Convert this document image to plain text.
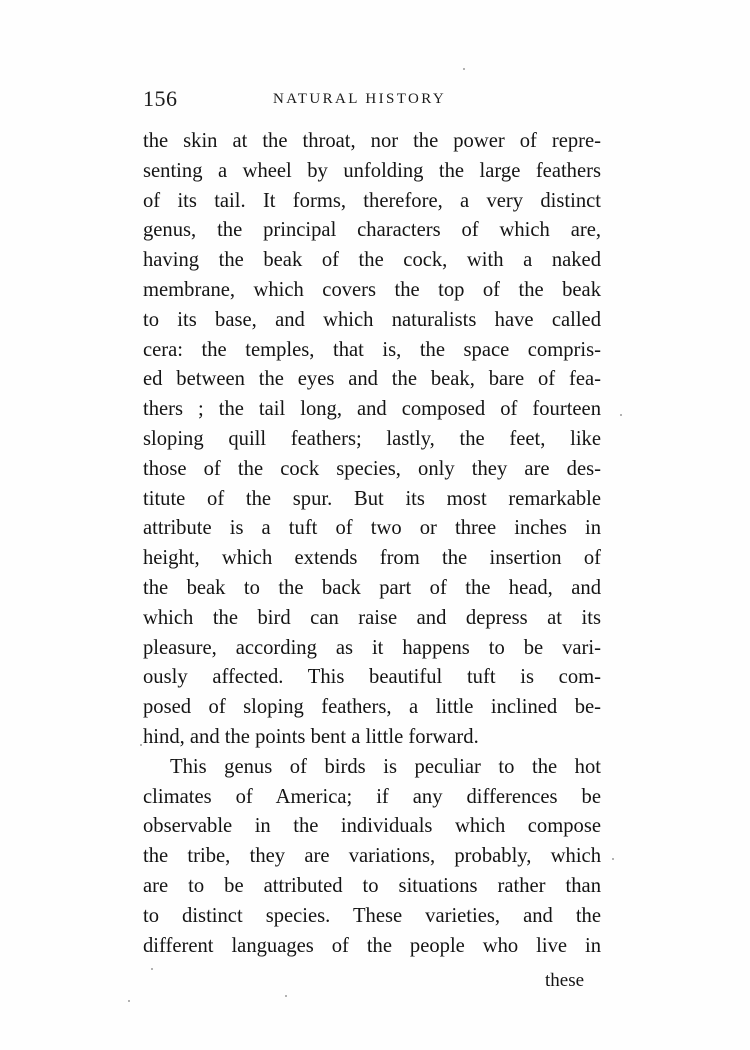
156	NATURAL HISTORY
the skin at the throat, nor the power of repre-
senting a wheel by unfolding the large feathers
of its tail. It forms, therefore, a very distinct
genus, the principal characters of which are,
having the beak of the cock, with a naked
membrane, which covers the top of the beak
to its base, and which naturalists have called
cera: the temples, that is, the space compris-
ed between the eyes and the beak, bare of fea-
thers ; the tail long, and composed of fourteen
sloping quill feathers; lastly, the feet, like
those of the cock species, only they are des-
titute of the spur. But its most remarkable
attribute is a tuft of two or three inches in
height, which extends from the insertion of
the beak to the back part of the head, and
which the bird can raise and depress at its
pleasure, according as it happens to be vari-
ously affected. This beautiful tuft is com-
posed of sloping feathers, a little inclined be-
hind, and the points bent a little forward.
This genus of birds is peculiar to the hot
climates of America; if any differences be
observable in the individuals which compose
the tribe, they are variations, probably, which
are to be attributed to situations rather than
to distinct species. These varieties, and the
different languages of the people who live in
these
